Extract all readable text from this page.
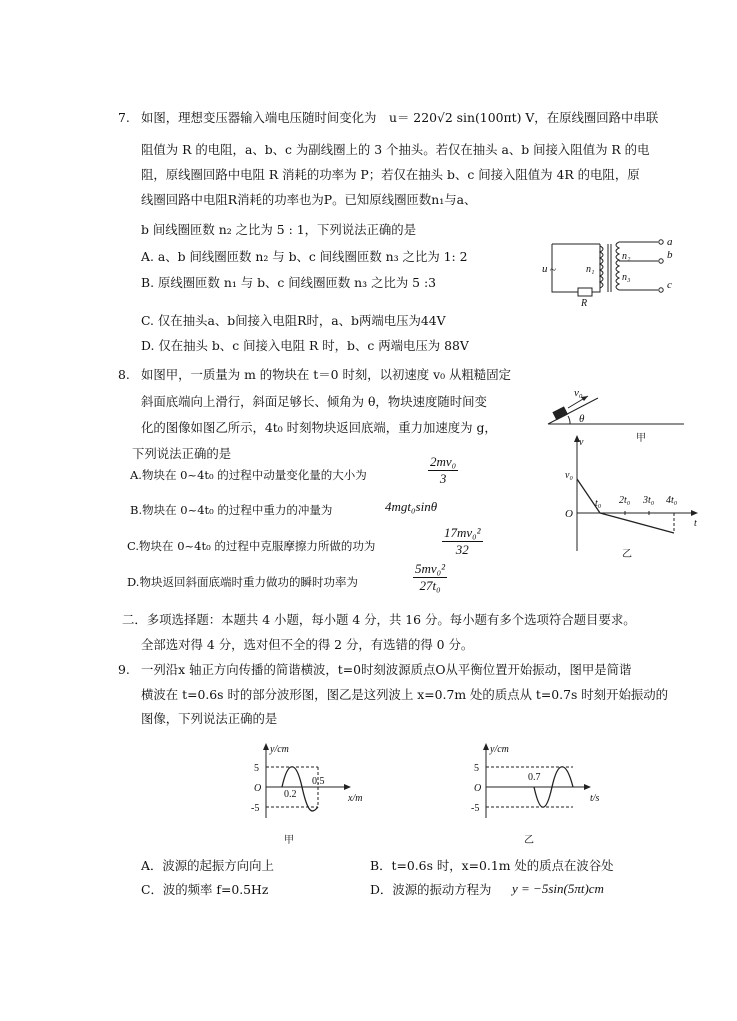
7. 如图，理想变压器输入端电压随时间变化为 u＝ 220√2 sin(100πt) V，在原线圈回路中串联
阻值为 R 的电阻，a、b、c 为副线圈上的 3 个抽头。若仅在抽头 a、b 间接入阻值为 R 的电
阻，原线圈回路中电阻 R 消耗的功率为 P；若仅在抽头 b、c 间接入阻值为 4R 的电阻，原
线圈回路中电阻R消耗的功率也为P。已知原线圈匝数n₁与a、
b 间线圈匝数 n₂ 之比为 5 : 1，下列说法正确的是
A. a、b 间线圈匝数 n₂ 与 b、c 间线圈匝数 n₃ 之比为 1: 2
B. 原线圈匝数 n₁ 与 b、c 间线圈匝数 n₃ 之比为 5 :3
C. 仅在抽头a、b间接入电阻R时，a、b两端电压为44V
D. 仅在抽头 b、c 间接入电阻 R 时，b、c 两端电压为 88V
u ~	n₁
n₂
n₃
R
a
b
c
8. 如图甲，一质量为 m 的物块在 t＝0 时刻，以初速度 v₀ 从粗糙固定
斜面底端向上滑行，斜面足够长、倾角为 θ，物块速度随时间变
化的图像如图乙所示，4t₀ 时刻物块返回底端，重力加速度为 g，
下列说法正确的是
A.物块在 0~4t₀ 的过程中动量变化量的大小为	$\frac{\text{2mv₀}}{3}$
B.物块在 0~4t₀ 的过程中重力的冲量为	4mgt₀sinθ
C.物块在 0~4t₀ 的过程中克服摩擦力所做的功为	$\frac{\text{17mv₀²}}{32}$
D.物块返回斜面底端时重力做功的瞬时功率为	$\frac{\text{5mv₀²}}{\text{27t₀}}$
v₀
θ
甲
v
v₀
O
t₀ 2t₀ 3t₀ 4t₀
t
乙
二．多项选择题：本题共 4 小题，每小题 4 分，共 16 分。每小题有多个选项符合题目要求。
全部选对得 4 分，选对但不全的得 2 分，有选错的得 0 分。
9. 一列沿x 轴正方向传播的简谐横波，t=0时刻波源质点O从平衡位置开始振动，图甲是简谐
横波在 t=0.6s 时的部分波形图，图乙是这列波上 x=0.7m 处的质点从 t=0.7s 时刻开始振动的
图像，下列说法正确的是
y/cm
5
O
-5
0.2
0.5
x/m
甲
y/cm
5
O
-5
0.7
t/s
乙
A．波源的起振方向向上	B．t=0.6s 时，x=0.1m 处的质点在波谷处
C．波的频率 f=0.5Hz	D．波源的振动方程为 y = −5sin(5πt)cm
